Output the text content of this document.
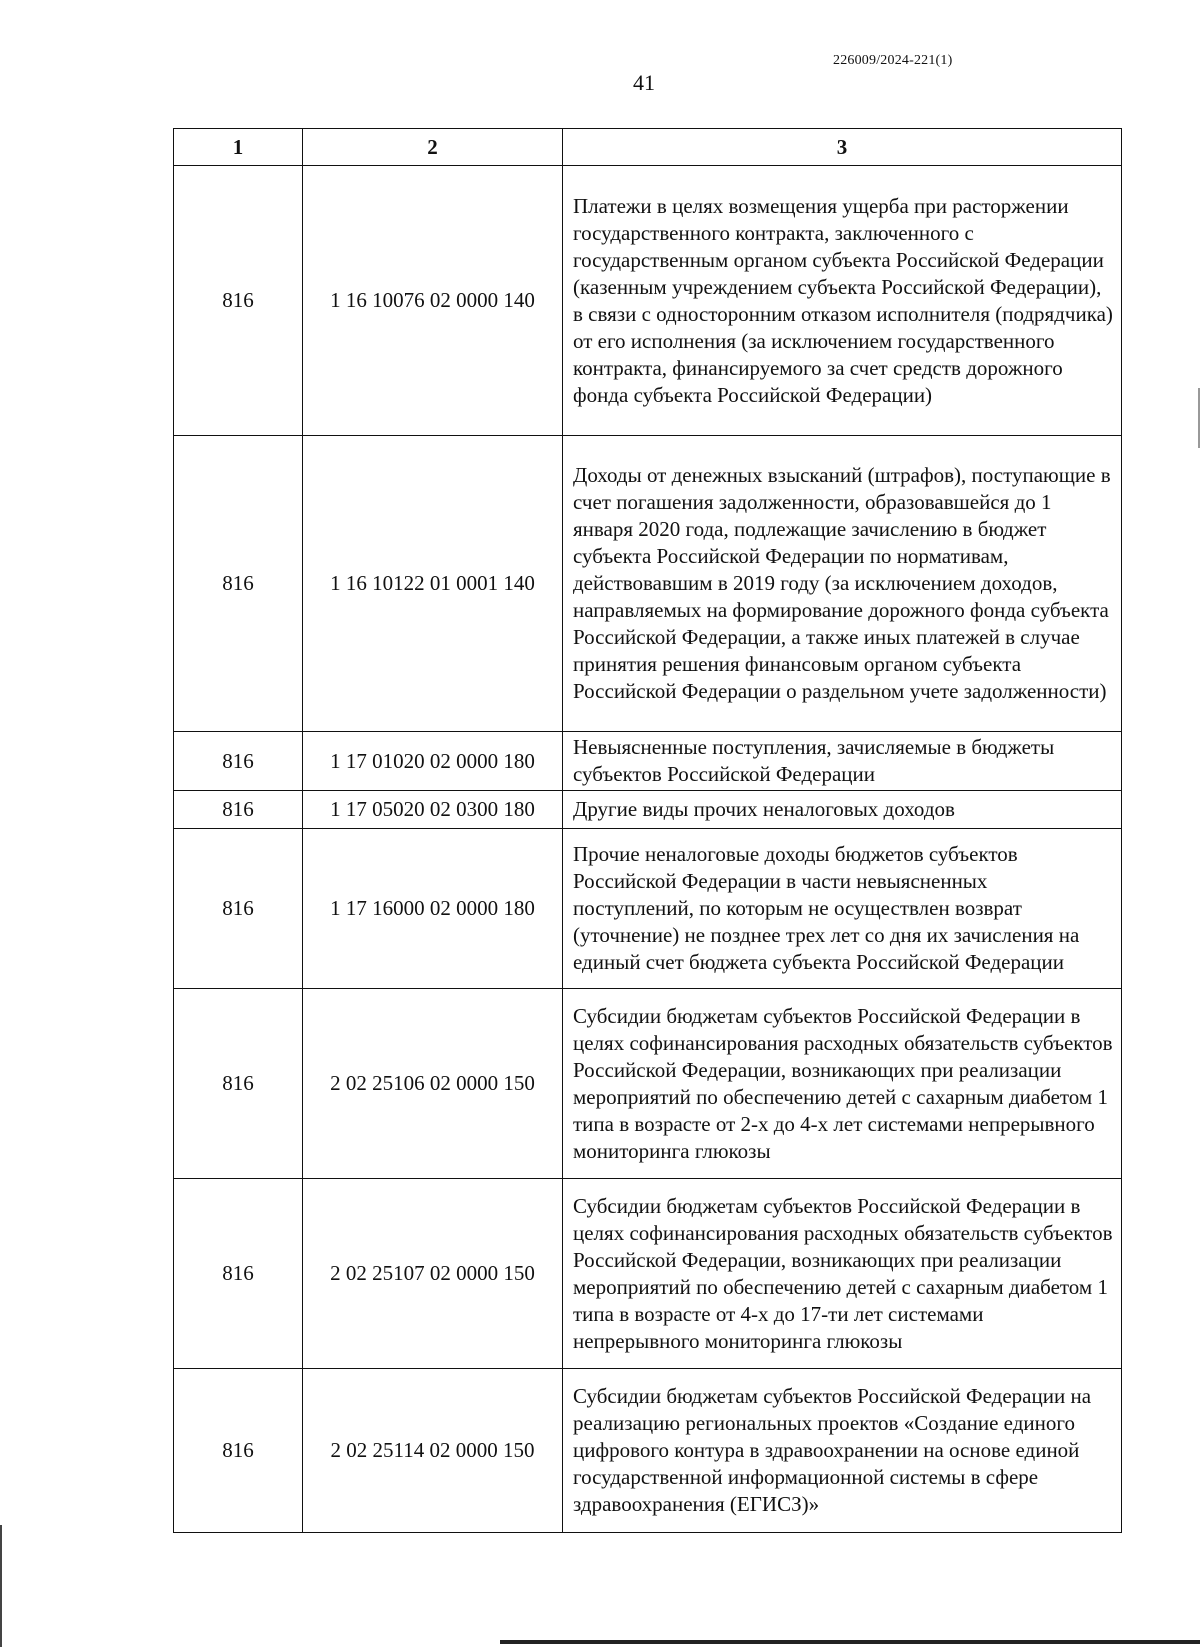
226009/2024-221(1)
41
1	2	3
816	1 16 10076 02 0000 140	Платежи в целях возмещения ущерба при расторжении государственного контракта, заключенного с государственным органом субъекта Российской Федерации (казенным учреждением субъекта Российской Федерации), в связи с односторонним отказом исполнителя (подрядчика) от его исполнения (за исключением государственного контракта, финансируемого за счет средств дорожного фонда субъекта Российской Федерации)
816	1 16 10122 01 0001 140	Доходы от денежных взысканий (штрафов), поступающие в счет погашения задолженности, образовавшейся до 1 января 2020 года, подлежащие зачислению в бюджет субъекта Российской Федерации по нормативам, действовавшим в 2019 году (за исключением доходов, направляемых на формирование дорожного фонда субъекта Российской Федерации, а также иных платежей в случае принятия решения финансовым органом субъекта Российской Федерации о раздельном учете задолженности)
816	1 17 01020 02 0000 180	Невыясненные поступления, зачисляемые в бюджеты субъектов Российской Федерации
816	1 17 05020 02 0300 180	Другие виды прочих неналоговых доходов
816	1 17 16000 02 0000 180	Прочие неналоговые доходы бюджетов субъектов Российской Федерации в части невыясненных поступлений, по которым не осуществлен возврат (уточнение) не позднее трех лет со дня их зачисления на единый счет бюджета субъекта Российской Федерации
816	2 02 25106 02 0000 150	Субсидии бюджетам субъектов Российской Федерации в целях софинансирования расходных обязательств субъектов Российской Федерации, возникающих при реализации мероприятий по обеспечению детей с сахарным диабетом 1 типа в возрасте от 2-х до 4-х лет системами непрерывного мониторинга глюкозы
816	2 02 25107 02 0000 150	Субсидии бюджетам субъектов Российской Федерации в целях софинансирования расходных обязательств субъектов Российской Федерации, возникающих при реализации мероприятий по обеспечению детей с сахарным диабетом 1 типа в возрасте от 4-х до 17-ти лет системами непрерывного мониторинга глюкозы
816	2 02 25114 02 0000 150	Субсидии бюджетам субъектов Российской Федерации на реализацию региональных проектов «Создание единого цифрового контура в здравоохранении на основе единой государственной информационной системы в сфере здравоохранения (ЕГИСЗ)»
